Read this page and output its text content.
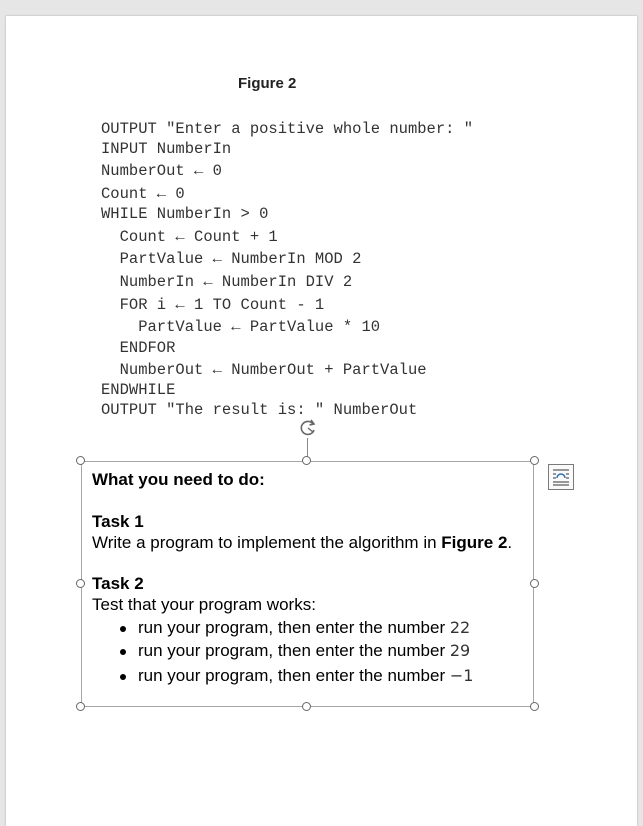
Figure 2
OUTPUT "Enter a positive whole number: "
INPUT NumberIn
NumberOut ← 0
Count ← 0
WHILE NumberIn > 0
Count ← Count + 1
PartValue ← NumberIn MOD 2
NumberIn ← NumberIn DIV 2
FOR i ← 1 TO Count - 1
PartValue ← PartValue * 10
ENDFOR
NumberOut ← NumberOut + PartValue
ENDWHILE
OUTPUT "The result is: " NumberOut
What you need to do:
Task 1
Write a program to implement the algorithm in Figure 2.
Task 2
Test that your program works:
run your program, then enter the number 22
run your program, then enter the number 29
run your program, then enter the number −1
